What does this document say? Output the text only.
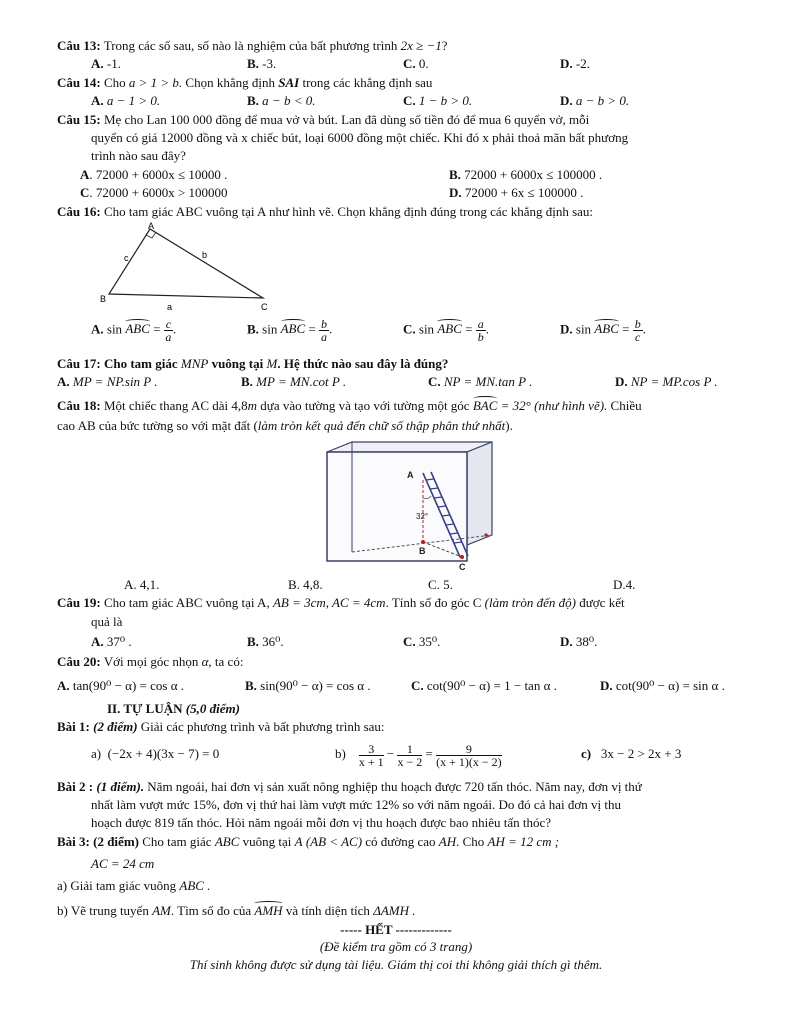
Câu 13: Trong các số sau, số nào là nghiệm của bất phương trình 2x ≥ −1?
A. -1.	B. -3.	C. 0.	D. -2.
Câu 14: Cho a > 1 > b. Chọn khẳng định SAI trong các khẳng định sau
A. a − 1 > 0.	B. a − b < 0.	C. 1 − b > 0.	D. a − b > 0.
Câu 15: Mẹ cho Lan 100 000 đồng để mua vở và bút. Lan đã dùng số tiền đó để mua 6 quyển vở, mỗi
quyển có giá 12000 đồng và x chiếc bút, loại 6000 đồng một chiếc. Khi đó x phải thoả mãn bất phương
trình nào sau đây?
A. 72000 + 6000x ≤ 10000 .	B. 72000 + 6000x ≤ 100000 .
C. 72000 + 6000x > 100000	D. 72000 + 6x ≤ 100000 .
Câu 16: Cho tam giác ABC vuông tại A như hình vẽ. Chọn khẳng định đúng trong các khẳng định sau:
A
B
C
c	b
a
A. sin ABC = $\frac{c}{a}$ .	B. sin ABC = $\frac{b}{a}$ .	C. sin ABC = $\frac{a}{b}$ .	D. sin ABC = $\frac{b}{c}$ .
Câu 17: Cho tam giác MNP vuông tại M. Hệ thức nào sau đây là đúng?
A. MP = NP.sin P .	B. MP = MN.cot P .	C. NP = MN.tan P .	D. NP = MP.cos P .
Câu 18: Một chiếc thang AC dài 4,8m dựa vào tường và tạo với tường một góc BAC = 32° (như hình vẽ). Chiều
cao AB của bức tường so với mặt đất (làm tròn kết quả đến chữ số thập phân thứ nhất).
A
B
C
32°
A. 4,1.	B. 4,8.	C. 5.	D.4.
Câu 19: Cho tam giác ABC vuông tại A, AB = 3cm, AC = 4cm. Tính số đo góc C (làm tròn đến độ) được kết
quả là
A. 37⁰ .	B. 36⁰.	C. 35⁰.	D. 38⁰.
Câu 20: Với mọi góc nhọn α, ta có:
A. tan(90⁰ − α) = cos α .	B. sin(90⁰ − α) = cos α .	C. cot(90⁰ − α) = 1 − tan α .	D. cot(90⁰ − α) = sin α .
II. TỰ LUẬN (5,0 điểm)
Bài 1: (2 điểm) Giải các phương trình và bất phương trình sau:
a) (−2x + 4)(3x − 7) = 0	$b) \frac{3}{x + 1} - \frac{1}{x - 2} = \frac{9}{(x + 1)(x - 2)}$	c) 3x − 2 > 2x + 3
Bài 2 : (1 điểm). Năm ngoái, hai đơn vị sản xuất nông nghiệp thu hoạch được 720 tấn thóc. Năm nay, đơn vị thứ
nhất làm vượt mức 15%, đơn vị thứ hai làm vượt mức 12% so với năm ngoái. Do đó cả hai đơn vị thu
hoạch được 819 tấn thóc. Hỏi năm ngoái mỗi đơn vị thu hoạch được bao nhiêu tấn thóc?
Bài 3: (2 điểm) Cho tam giác ABC vuông tại A (AB < AC) có đường cao AH. Cho AH = 12 cm ;
AC = 24 cm
a) Giải tam giác vuông ABC .
b) Vẽ trung tuyến AM. Tìm số đo của AMH và tính diện tích ΔAMH .
----- HẾT -------------
(Đề kiểm tra gồm có 3 trang)
Thí sinh không được sử dụng tài liệu. Giám thị coi thi không giải thích gì thêm.
